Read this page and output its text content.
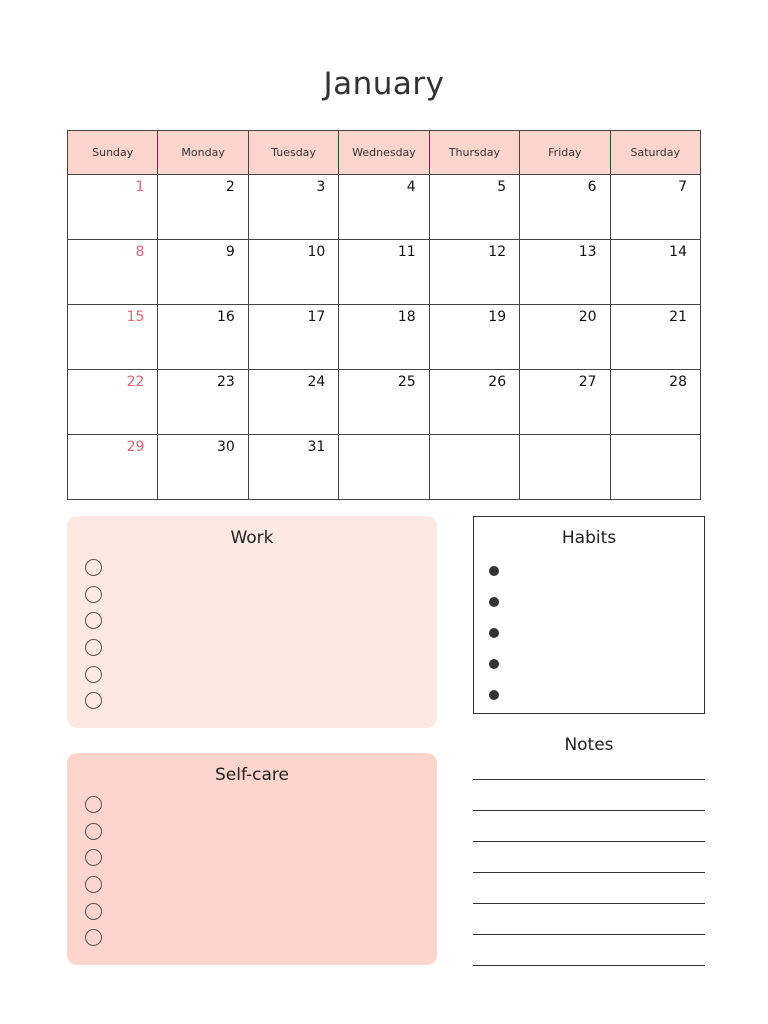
January
Sunday	Monday	Tuesday	Wednesday	Thursday	Friday	Saturday
1	2	3	4	5	6	7
8	9	10	11	12	13	14
15	16	17	18	19	20	21
22	23	24	25	26	27	28
29	30	31				
Work
Self-care
Habits
Notes
